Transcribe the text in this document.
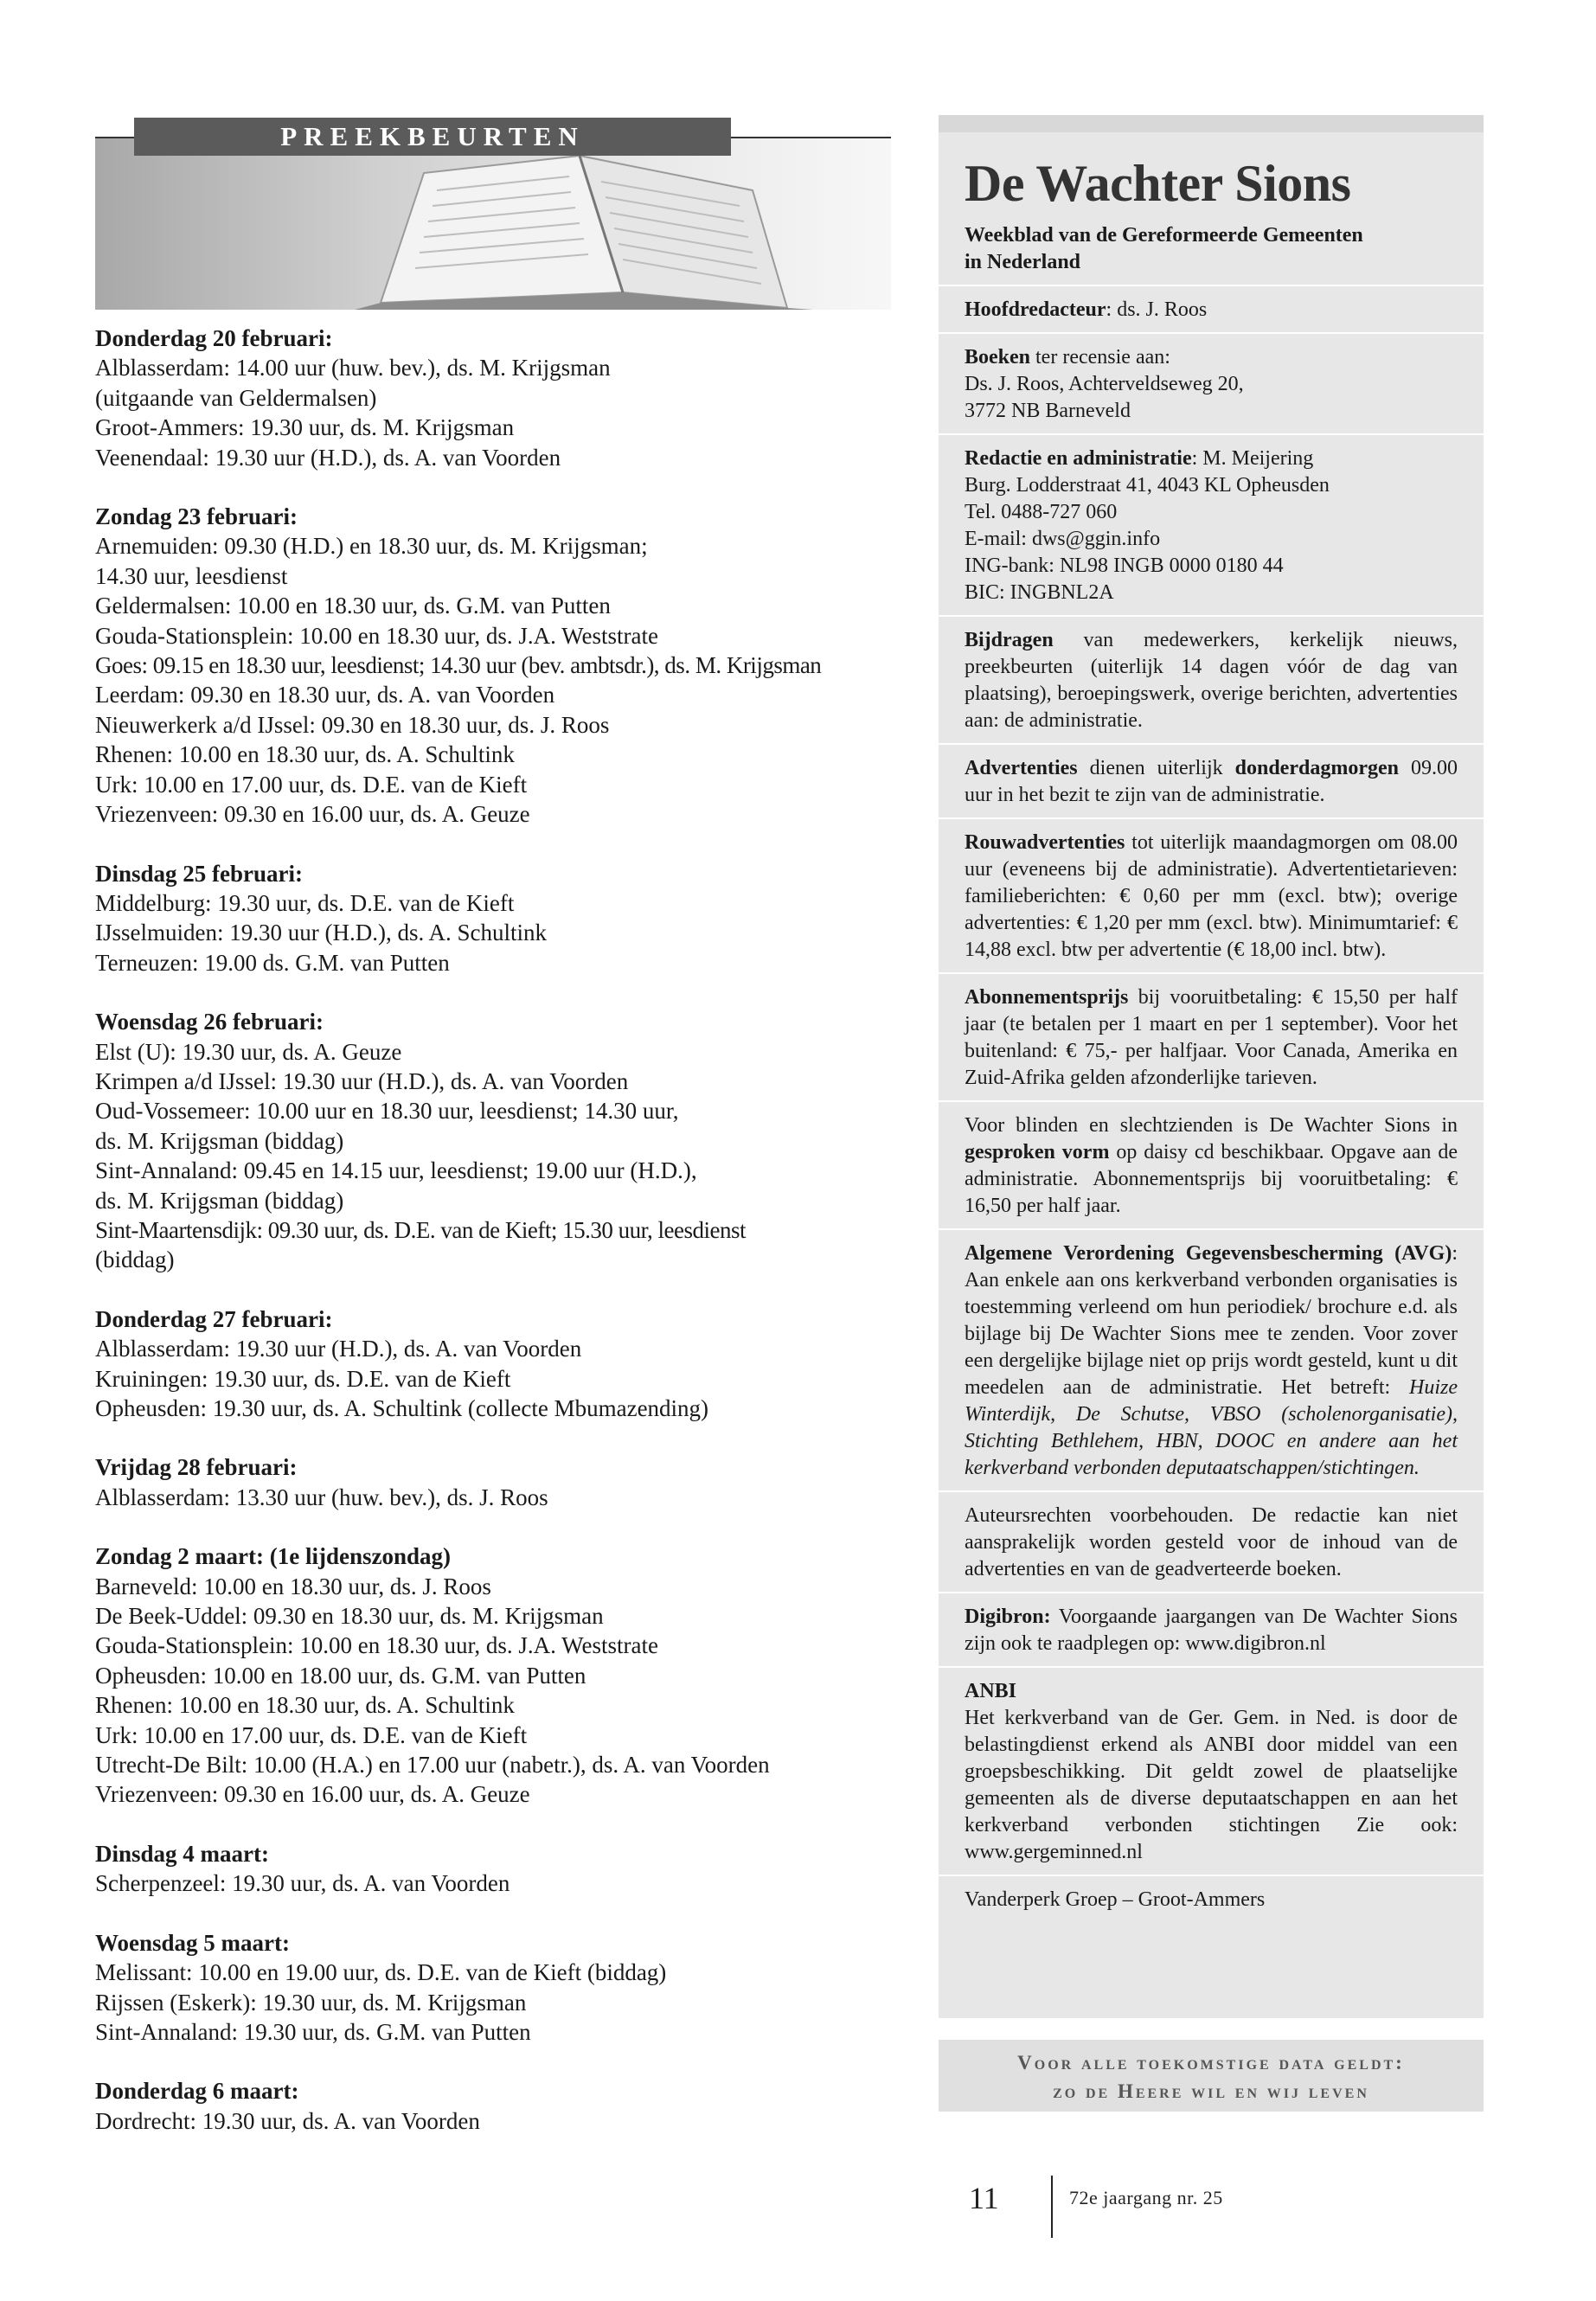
PREEKBEURTEN
Donderdag 20 februari:
Alblasserdam: 14.00 uur (huw. bev.), ds. M. Krijgsman
(uitgaande van Geldermalsen)
Groot-Ammers: 19.30 uur, ds. M. Krijgsman
Veenendaal: 19.30 uur (H.D.), ds. A. van Voorden
Zondag 23 februari:
Arnemuiden: 09.30 (H.D.) en 18.30 uur, ds. M. Krijgsman;
14.30 uur, leesdienst
Geldermalsen: 10.00 en 18.30 uur, ds. G.M. van Putten
Gouda-Stationsplein: 10.00 en 18.30 uur, ds. J.A. Weststrate
Goes: 09.15 en 18.30 uur, leesdienst; 14.30 uur (bev. ambtsdr.), ds. M. Krijgsman
Leerdam: 09.30 en 18.30 uur, ds. A. van Voorden
Nieuwerkerk a/d IJssel: 09.30 en 18.30 uur, ds. J. Roos
Rhenen: 10.00 en 18.30 uur, ds. A. Schultink
Urk: 10.00 en 17.00 uur, ds. D.E. van de Kieft
Vriezenveen: 09.30 en 16.00 uur, ds. A. Geuze
Dinsdag 25 februari:
Middelburg: 19.30 uur, ds. D.E. van de Kieft
IJsselmuiden: 19.30 uur (H.D.), ds. A. Schultink
Terneuzen: 19.00 ds. G.M. van Putten
Woensdag 26 februari:
Elst (U): 19.30 uur, ds. A. Geuze
Krimpen a/d IJssel: 19.30 uur (H.D.), ds. A. van Voorden
Oud-Vossemeer: 10.00 uur en 18.30 uur, leesdienst; 14.30 uur,
ds. M. Krijgsman (biddag)
Sint-Annaland: 09.45 en 14.15 uur, leesdienst; 19.00 uur (H.D.),
ds. M. Krijgsman (biddag)
Sint-Maartensdijk: 09.30 uur, ds. D.E. van de Kieft; 15.30 uur, leesdienst
(biddag)
Donderdag 27 februari:
Alblasserdam: 19.30 uur (H.D.), ds. A. van Voorden
Kruiningen: 19.30 uur, ds. D.E. van de Kieft
Opheusden: 19.30 uur, ds. A. Schultink (collecte Mbumazending)
Vrijdag 28 februari:
Alblasserdam: 13.30 uur (huw. bev.), ds. J. Roos
Zondag 2 maart: (1e lijdenszondag)
Barneveld: 10.00 en 18.30 uur, ds. J. Roos
De Beek-Uddel: 09.30 en 18.30 uur, ds. M. Krijgsman
Gouda-Stationsplein: 10.00 en 18.30 uur, ds. J.A. Weststrate
Opheusden: 10.00 en 18.00 uur, ds. G.M. van Putten
Rhenen: 10.00 en 18.30 uur, ds. A. Schultink
Urk: 10.00 en 17.00 uur, ds. D.E. van de Kieft
Utrecht-De Bilt: 10.00 (H.A.) en 17.00 uur (nabetr.), ds. A. van Voorden
Vriezenveen: 09.30 en 16.00 uur, ds. A. Geuze
Dinsdag 4 maart:
Scherpenzeel: 19.30 uur, ds. A. van Voorden
Woensdag 5 maart:
Melissant: 10.00 en 19.00 uur, ds. D.E. van de Kieft (biddag)
Rijssen (Eskerk): 19.30 uur, ds. M. Krijgsman
Sint-Annaland: 19.30 uur, ds. G.M. van Putten
Donderdag 6 maart:
Dordrecht: 19.30 uur, ds. A. van Voorden
De Wachter Sions
Weekblad van de Gereformeerde Gemeenten
in Nederland
Hoofdredacteur: ds. J. Roos
Boeken ter recensie aan:
Ds. J. Roos, Achterveldseweg 20,
3772 NB Barneveld
Redactie en administratie: M. Meijering
Burg. Lodderstraat 41, 4043 KL Opheusden
Tel. 0488-727 060
E-mail: dws@ggin.info
ING-bank: NL98 INGB 0000 0180 44
BIC: INGBNL2A
Bijdragen van medewerkers, kerkelijk nieuws, preekbeurten (uiterlijk 14 dagen vóór de dag van plaatsing), beroepingswerk, overige berichten, advertenties aan: de administratie.
Advertenties dienen uiterlijk donderdagmorgen 09.00 uur in het bezit te zijn van de administratie.
Rouwadvertenties tot uiterlijk maandagmorgen om 08.00 uur (eveneens bij de administratie). Advertentietarieven: familieberichten: € 0,60 per mm (excl. btw); overige advertenties: € 1,20 per mm (excl. btw). Minimumtarief: € 14,88 excl. btw per advertentie (€ 18,00 incl. btw).
Abonnementsprijs bij vooruitbetaling: € 15,50 per half jaar (te betalen per 1 maart en per 1 september). Voor het buitenland: € 75,- per halfjaar. Voor Canada, Amerika en Zuid-Afrika gelden afzonderlijke tarieven.
Voor blinden en slechtzienden is De Wachter Sions in gesproken vorm op daisy cd beschikbaar. Opgave aan de administratie. Abonnementsprijs bij vooruitbetaling: € 16,50 per half jaar.
Algemene Verordening Gegevensbescherming (AVG): Aan enkele aan ons kerkverband verbonden organisaties is toestemming verleend om hun periodiek/ brochure e.d. als bijlage bij De Wachter Sions mee te zenden. Voor zover een dergelijke bijlage niet op prijs wordt gesteld, kunt u dit meedelen aan de administratie. Het betreft: Huize Winterdijk, De Schutse, VBSO (scholenorganisatie), Stichting Bethlehem, HBN, DOOC en andere aan het kerkverband verbonden deputaatschappen/stichtingen.
Auteursrechten voorbehouden. De redactie kan niet aansprakelijk worden gesteld voor de inhoud van de advertenties en van de geadverteerde boeken.
Digibron: Voorgaande jaargangen van De Wachter Sions zijn ook te raadplegen op: www.digibron.nl
ANBI
Het kerkverband van de Ger. Gem. in Ned. is door de belastingdienst erkend als ANBI door middel van een groepsbeschikking. Dit geldt zowel de plaatselijke gemeenten als de diverse deputaatschappen en aan het kerkverband verbonden stichtingen Zie ook: www.gergeminned.nl
Vanderperk Groep – Groot-Ammers
Voor alle toekomstige data geldt:
zo de Heere wil en wij leven
11	72e jaargang nr. 25
